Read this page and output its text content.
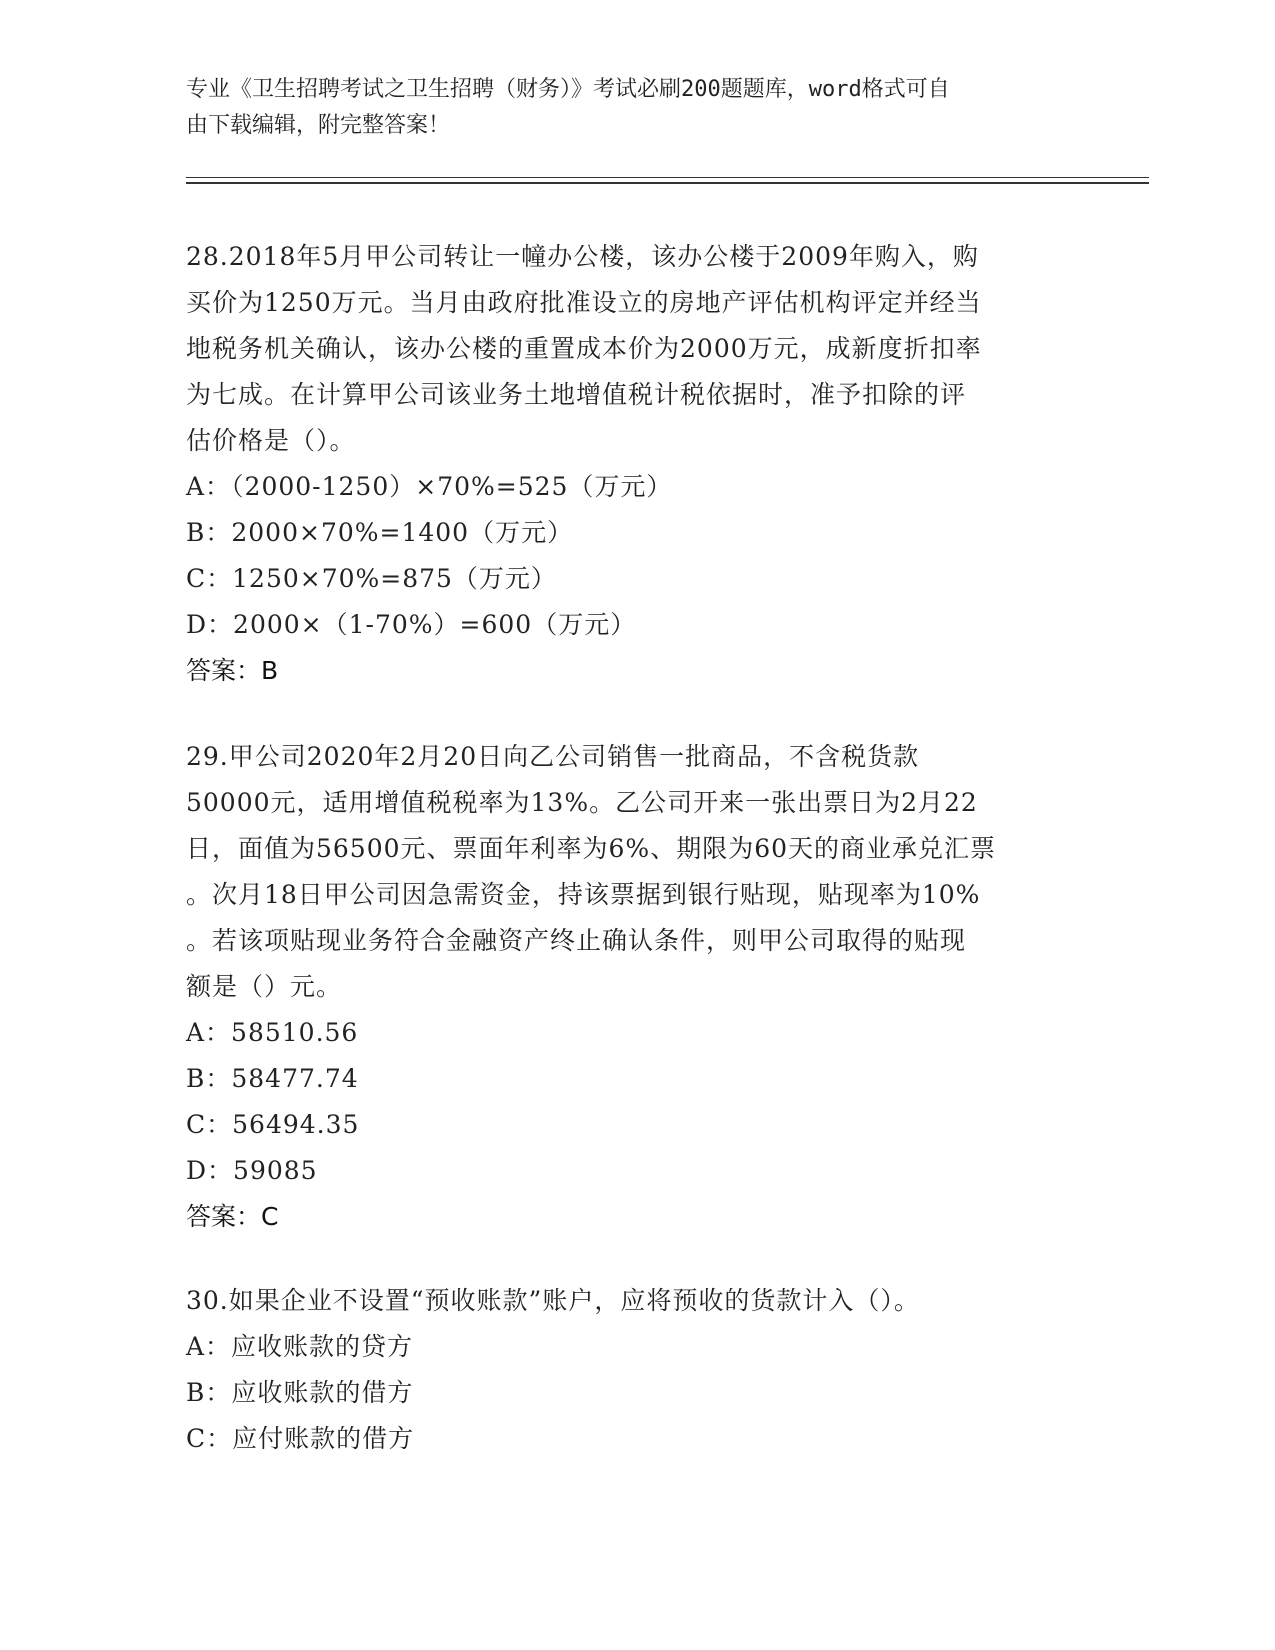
专业《卫生招聘考试之卫生招聘（财务）》考试必刷200题题库，word格式可自
由下载编辑，附完整答案！

28.2018年5月甲公司转让一幢办公楼，该办公楼于2009年购入，购

买价为1250万元。当月由政府批准设立的房地产评估机构评定并经当

地税务机关确认，该办公楼的重置成本价为2000万元，成新度折扣率

为七成。在计算甲公司该业务土地增值税计税依据时，准予扣除的评

估价格是（）。

A：（2000-1250）×70%=525（万元）

B：2000×70%=1400（万元）

C：1250×70%=875（万元）

D：2000×（1-70%）=600（万元）

答案：B

29.甲公司2020年2月20日向乙公司销售一批商品，不含税货款

50000元，适用增值税税率为13%。乙公司开来一张出票日为2月22

日，面值为56500元、票面年利率为6%、期限为60天的商业承兑汇票

。次月18日甲公司因急需资金，持该票据到银行贴现，贴现率为10%

。若该项贴现业务符合金融资产终止确认条件，则甲公司取得的贴现

额是（）元。

A：58510.56

B：58477.74

C：56494.35

D：59085

答案：C

30.如果企业不设置“预收账款”账户，应将预收的货款计入（）。

A：应收账款的贷方

B：应收账款的借方

C：应付账款的借方
